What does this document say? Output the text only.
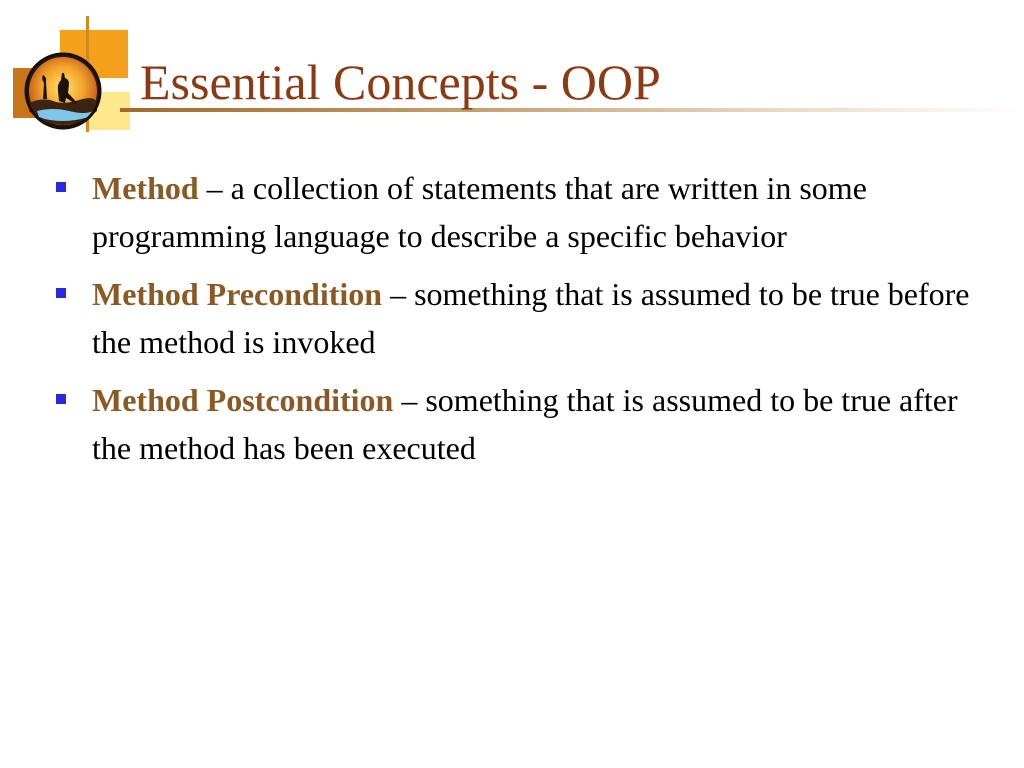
Essential Concepts - OOP
Method – a collection of statements that are written in some programming language to describe a specific behavior
Method Precondition – something that is assumed to be true before the method is invoked
Method Postcondition – something that is assumed to be true after the method has been executed
